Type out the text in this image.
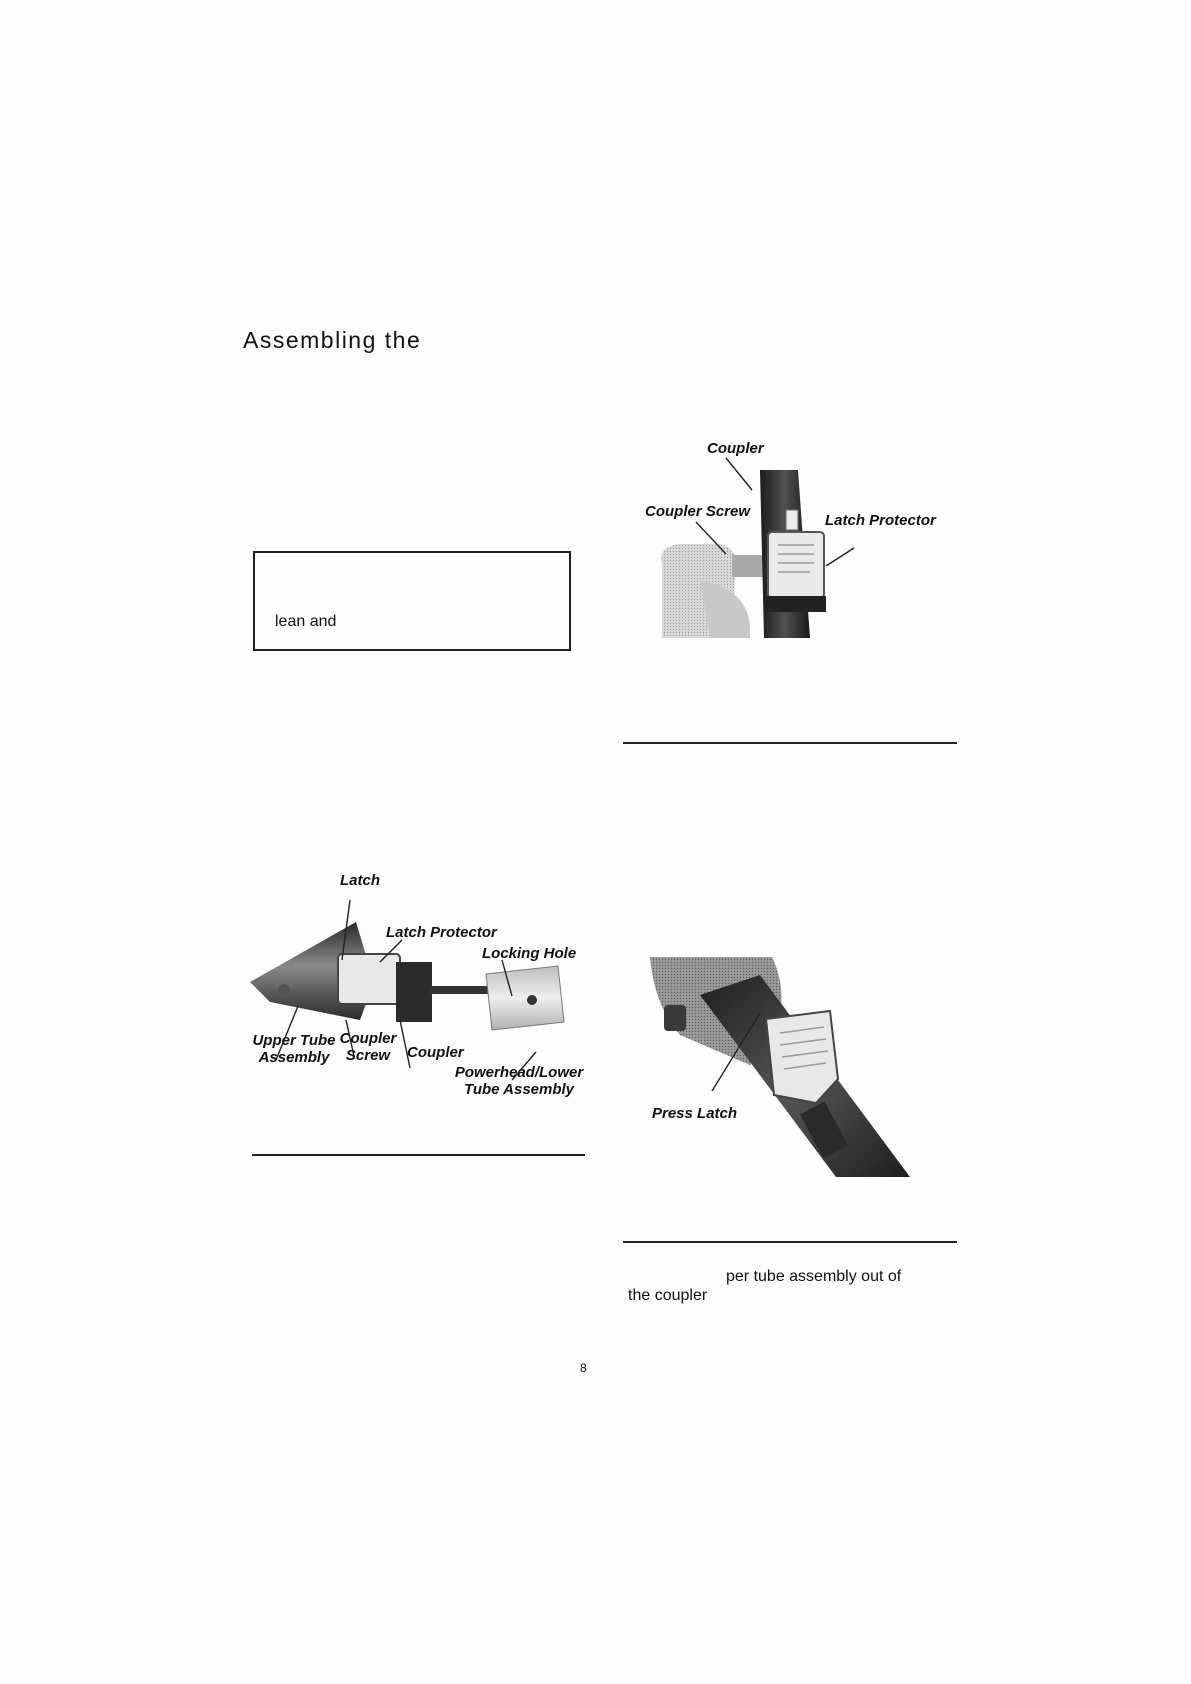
Assembling the
lean and
Coupler
Coupler Screw
Latch Protector
Latch
Latch Protector
Locking Hole
Upper Tube
Assembly
Coupler
Screw	Coupler
Powerhead/Lower
Tube Assembly
Press Latch
per tube assembly out of
the coupler
8
